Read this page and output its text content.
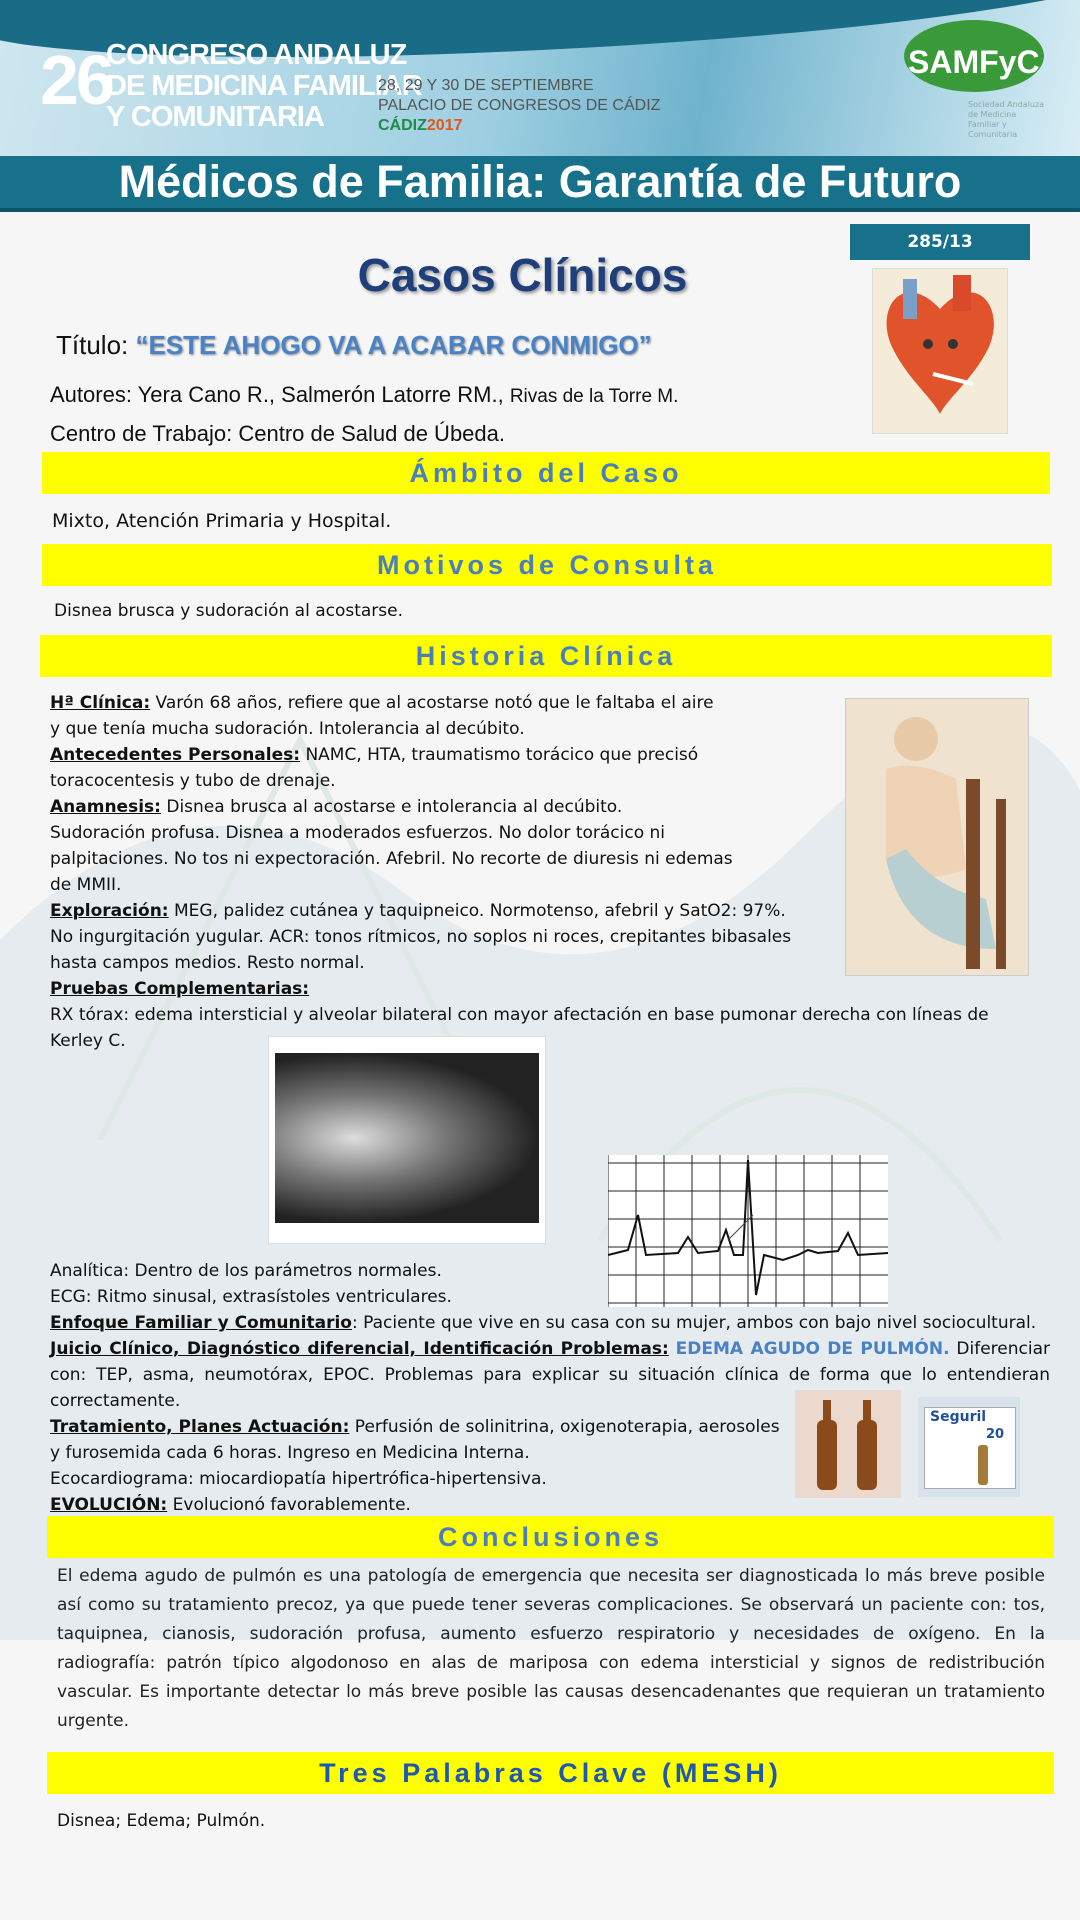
26
CONGRESO ANDALUZ
DE MEDICINA FAMILIAR
Y COMUNITARIA
28, 29 Y 30 DE SEPTIEMBRE
PALACIO DE CONGRESOS DE CÁDIZ
CÁDIZ2017
SAMFyC
Sociedad Andaluza de Medicina Familiar y Comunitaria
Médicos de Familia: Garantía de Futuro
285/13
Casos Clínicos
Título: “ESTE AHOGO VA A ACABAR CONMIGO”
Autores: Yera Cano R., Salmerón Latorre RM., Rivas de la Torre M.
Centro de Trabajo: Centro de Salud de Úbeda.
Ámbito del Caso
Mixto, Atención Primaria y Hospital.
Motivos de Consulta
Disnea brusca y sudoración al acostarse.
Historia Clínica
Hª Clínica: Varón 68 años, refiere que al acostarse notó que le faltaba el aire
y que tenía mucha sudoración. Intolerancia al decúbito.
Antecedentes Personales: NAMC, HTA, traumatismo torácico que precisó
toracocentesis y tubo de drenaje.
Anamnesis: Disnea brusca al acostarse e intolerancia al decúbito.
Sudoración profusa. Disnea a moderados esfuerzos. No dolor torácico ni
palpitaciones. No tos ni expectoración. Afebril. No recorte de diuresis ni edemas
de MMII.
Exploración: MEG, palidez cutánea y taquipneico. Normotenso, afebril y SatO2: 97%.
No ingurgitación yugular. ACR: tonos rítmicos, no soplos ni roces, crepitantes bibasales
hasta campos medios. Resto normal.
Pruebas Complementarias:
RX tórax: edema intersticial y alveolar bilateral con mayor afectación en base pumonar derecha con líneas de Kerley C.
Analítica: Dentro de los parámetros normales.
ECG: Ritmo sinusal, extrasístoles ventriculares.
Enfoque Familiar y Comunitario: Paciente que vive en su casa con su mujer, ambos con bajo nivel sociocultural.
Juicio Clínico, Diagnóstico diferencial, Identificación Problemas: EDEMA AGUDO DE PULMÓN. Diferenciar con: TEP, asma, neumotórax, EPOC. Problemas para explicar su situación clínica de forma que lo entendieran correctamente.
Tratamiento, Planes Actuación: Perfusión de solinitrina, oxigenoterapia, aerosoles
y furosemida cada 6 horas. Ingreso en Medicina Interna.
Ecocardiograma: miocardiopatía hipertrófica-hipertensiva.
EVOLUCIÓN: Evolucionó favorablemente.
Seguril
20
Conclusiones
El edema agudo de pulmón es una patología de emergencia que necesita ser diagnosticada lo más breve posible así como su tratamiento precoz, ya que puede tener severas complicaciones. Se observará un paciente con: tos, taquipnea, cianosis, sudoración profusa, aumento esfuerzo respiratorio y necesidades de oxígeno. En la radiografía: patrón típico algodonoso en alas de mariposa con edema intersticial y signos de redistribución vascular. Es importante detectar lo más breve posible las causas desencadenantes que requieran un tratamiento urgente.
Tres Palabras Clave (MESH)
Disnea; Edema; Pulmón.
